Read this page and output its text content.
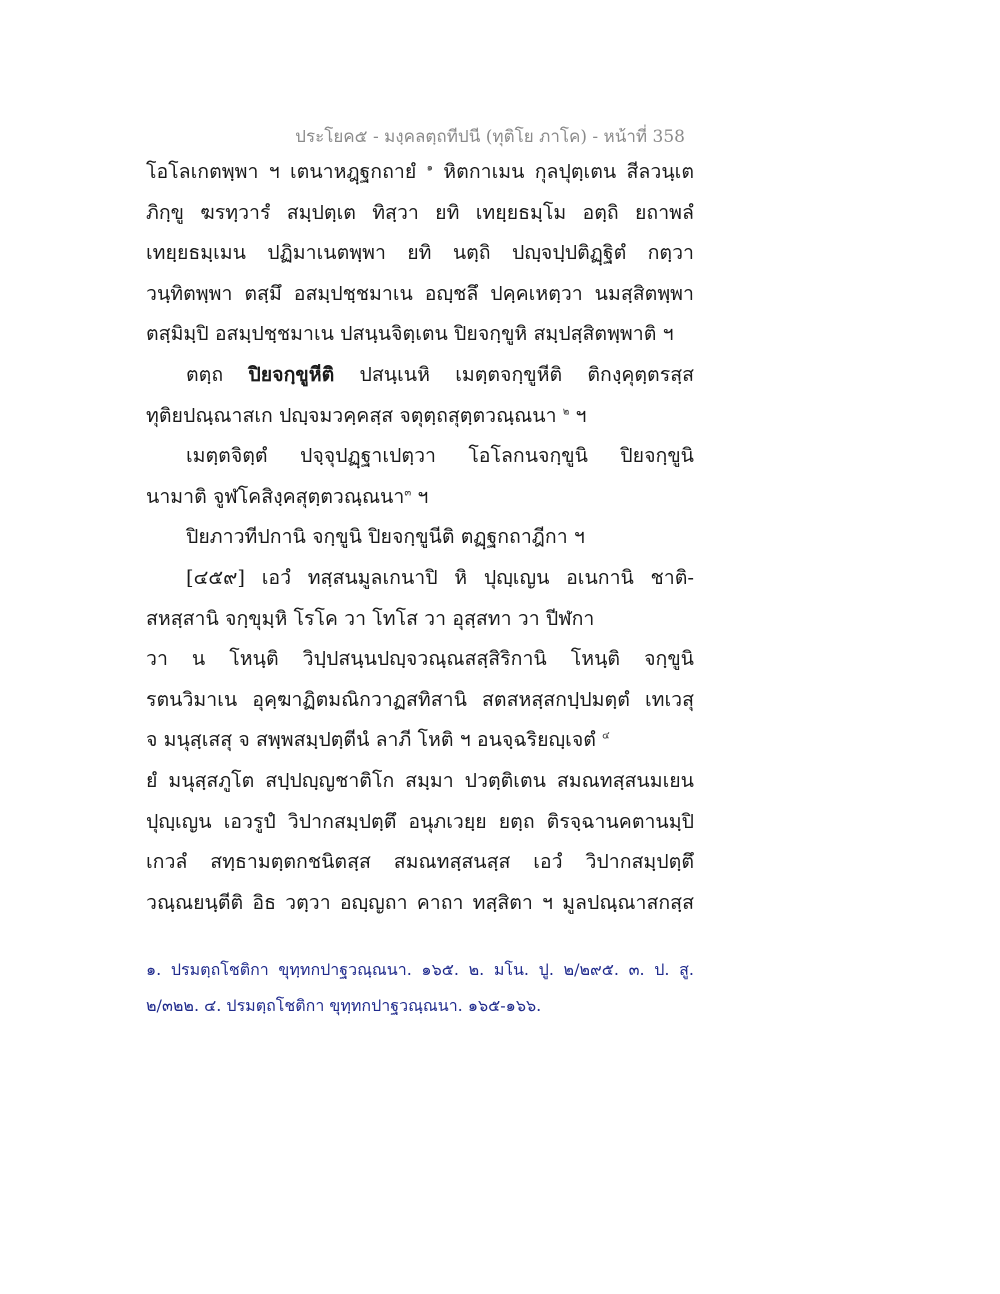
ประโยค๕ - มงฺคลตฺถทีปนี (ทุติโย ภาโค) - หน้าที่ 358
โอโลเกตพฺพา ฯ เตนาหฎฺฐกถายํ $^๑$ หิตกาเมน กุลปุตฺเตน สีลวนฺเต
ภิกฺขู ฆรทฺวารํ สมฺปตฺเต ทิสฺวา ยทิ เทยฺยธมฺโม อตฺถิ ยถาพลํ
เทยฺยธมฺเมน ปฏิมาเนตพฺพา ยทิ นตฺถิ ปญฺจปฺปติฏฺฐิตํ กตฺวา
วนฺทิตพฺพา ตสฺมึ อสมฺปชฺชมาเน อญฺชลึ ปคฺคเหตฺวา นมสฺสิตพฺพา
ตสฺมิมฺปิ อสมฺปชฺชมาเน ปสนฺนจิตฺเตน ปิยจกฺขูหิ สมฺปสฺสิตพฺพาติ ฯ
ตตฺถ ปิยจกฺขูหีติ ปสนฺเนหิ เมตฺตจกฺขูหีติ ติกงฺคุตฺตรสฺส
ทุติยปณฺณาสเก ปญฺจมวคฺคสฺส จตุตฺถสุตฺตวณฺณนา $^๒$ ฯ
เมตฺตจิตฺตํ ปจฺจุปฏฺฐาเปตฺวา โอโลกนจกฺขูนิ ปิยจกฺขูนิ
นามาติ จูฬโคสิงฺคสุตฺตวณฺณนา$^๓$ ฯ
ปิยภาวทีปกานิ จกฺขูนิ ปิยจกฺขูนีติ ตฏฺฐกถาฎีกา ฯ
[๔๕๙] เอวํ ทสฺสนมูลเกนาปิ หิ ปุญฺเญน อเนกานิ ชาติ-
สหสฺสานิ จกฺขุมฺหิ โรโค วา โทโส วา อุสฺสทา วา ปีฬกา
วา น โหนฺติ วิปฺปสนฺนปญฺจวณฺณสสฺสิริกานิ โหนฺติ จกฺขูนิ
รตนวิมาเน อุคฺฆาฏิตมณิกวาฏสทิสานิ สตสหสฺสกปฺปมตฺตํ เทเวสุ
จ มนุสฺเสสุ จ สพฺพสมฺปตฺตีนํ ลาภี โหติ ฯ อนจฺฉริยญฺเจตํ $^๔$
ยํ มนุสฺสภูโต สปฺปญฺญชาติโก สมฺมา ปวตฺติเตน สมณทสฺสนมเยน
ปุญฺเญน เอวรูปํ วิปากสมฺปตฺตึ อนุภเวยฺย ยตฺถ ติรจฺฉานคตานมฺปิ
เกวลํ สทฺธามตฺตกชนิตสฺส สมณทสฺสนสฺส เอวํ วิปากสมฺปตฺตึ
วณฺณยนฺตีติ อิธ วตฺวา อญฺญถา คาถา ทสฺสิตา ฯ มูลปณฺณาสกสฺส
๑. ปรมตฺถโชติกา ขุทฺทกปาฐวณฺณนา. ๑๖๕. ๒. มโน. ปู. ๒/๒๙๕. ๓. ป. สู.
๒/๓๒๒. ๔. ปรมตฺถโชติกา ขุทฺทกปาฐวณฺณนา. ๑๖๕-๑๖๖.
